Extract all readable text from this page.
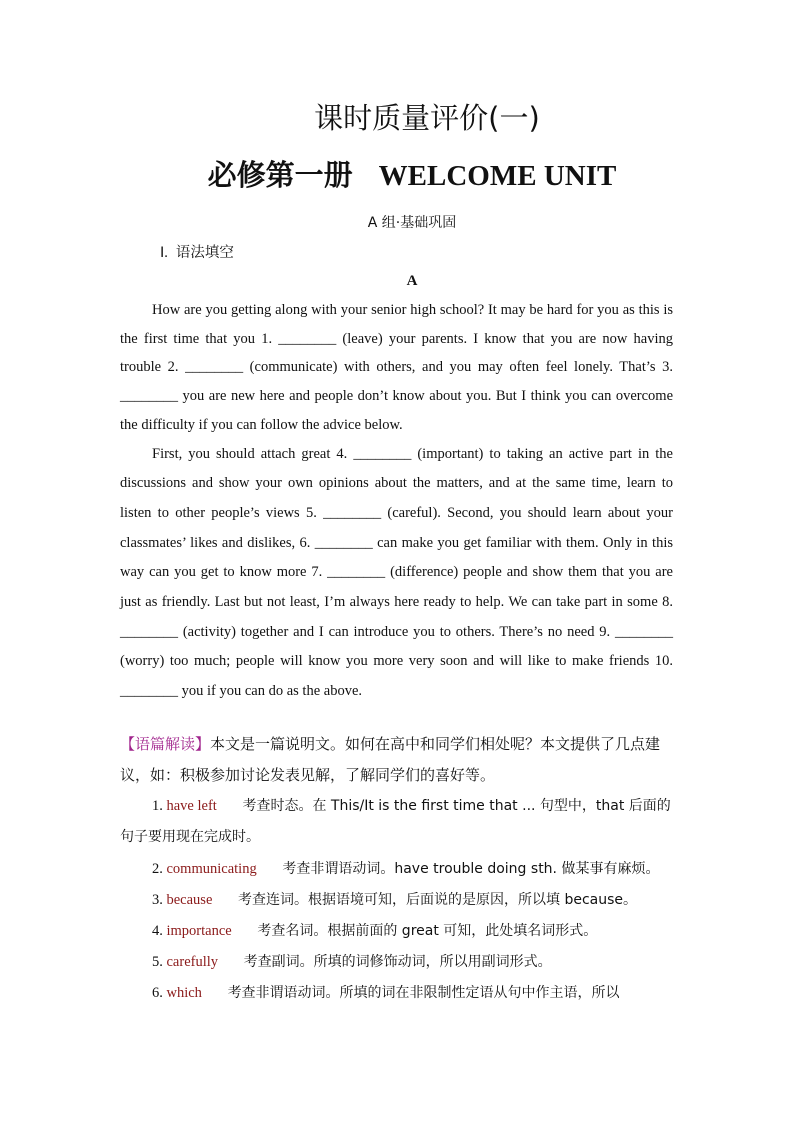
课时质量评价(一)
必修第一册 WELCOME UNIT
A 组·基础巩固
Ⅰ. 语法填空
A

How are you getting along with your senior high school? It may be hard for you as this is the first time that you 1. ________ (leave) your parents. I know that you are now having trouble 2. ________ (communicate) with others, and you may often feel lonely. That’s 3. ________ you are new here and people don’t know about you. But I think you can overcome the difficulty if you can follow the advice below.

First, you should attach great 4. ________ (important) to taking an active part in the discussions and show your own opinions about the matters, and at the same time, learn to listen to other people’s views 5. ________ (careful). Second, you should learn about your classmates’ likes and dislikes, 6. ________ can make you get familiar with them. Only in this way can you get to know more 7. ________ (difference) people and show them that you are just as friendly. Last but not least, I’m always here ready to help. We can take part in some 8. ________ (activity) together and I can introduce you to others. There’s no need 9. ________ (worry) too much; people will know you more very soon and will like to make friends 10. ________ you if you can do as the above.

【语篇解读】本文是一篇说明文。如何在高中和同学们相处呢？本文提供了几点建议，如：积极参加讨论发表见解，了解同学们的喜好等。
1. have left 考查时态。在 This/It is the first time that ... 句型中，that 后面的
句子要用现在完成时。
2. communicating 考查非谓语动词。have trouble doing sth. 做某事有麻烦。
3. because 考查连词。根据语境可知，后面说的是原因，所以填 because。
4. importance 考查名词。根据前面的 great 可知，此处填名词形式。
5. carefully 考查副词。所填的词修饰动词，所以用副词形式。
6. which 考查非谓语动词。所填的词在非限制性定语从句中作主语，所以
